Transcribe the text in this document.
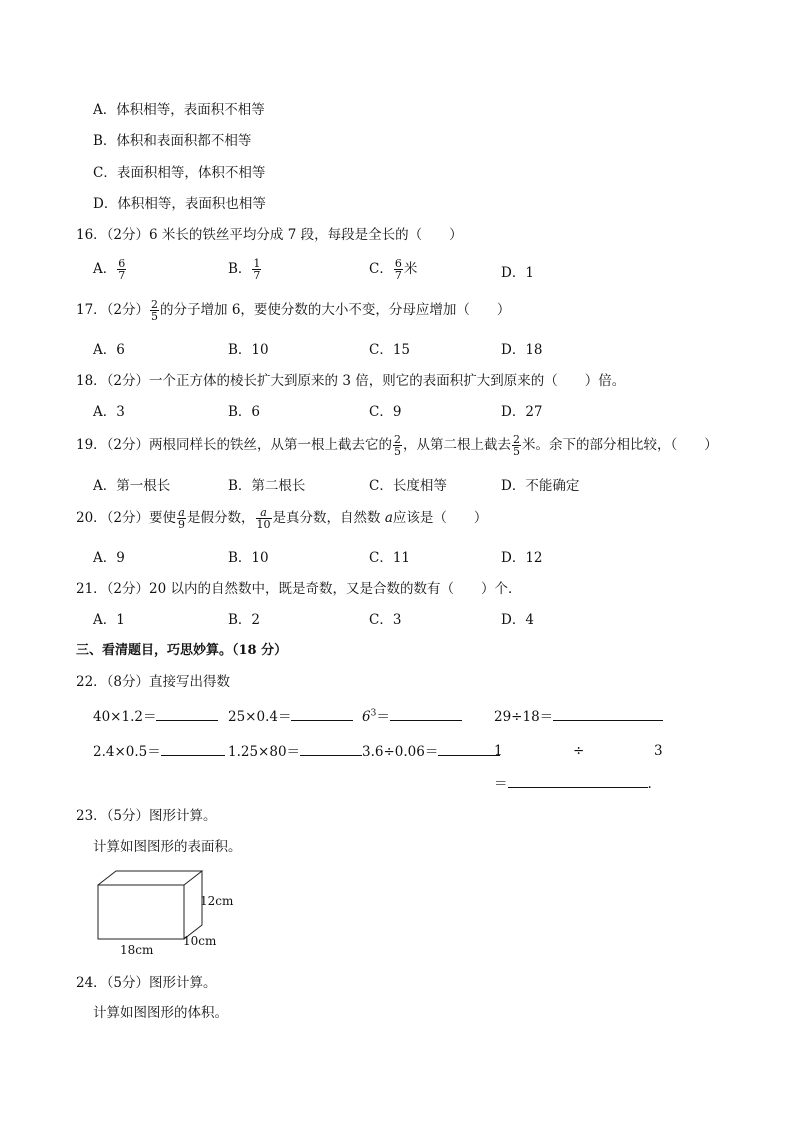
A．体积相等，表面积不相等
B．体积和表面积都不相等
C．表面积相等，体积不相等
D．体积相等，表面积也相等
16．（2分）6 米长的铁丝平均分成 7 段，每段是全长的（　　）
A． $\frac{6}{7}$	B． $\frac{1}{7}$	C． $\frac{6}{7}$ 米	D．1
17．（2分） $\frac{2}{5}$ 的分子增加 6，要使分数的大小不变，分母应增加（　　）
A．6	B．10	C．15	D．18
18．（2分）一个正方体的棱长扩大到原来的 3 倍，则它的表面积扩大到原来的（　　）倍。
A．3	B．6	C．9	D．27
19．（2分）两根同样长的铁丝，从第一根上截去它的 $\frac{2}{5}$ ，从第二根上截去 $\frac{2}{5}$ 米。余下的部分相比较，（　　）
A．第一根长	B．第二根长	C．长度相等	D．不能确定
20．（2分）要使 $\frac{a}{9}$ 是假分数， $\frac{a}{10}$ 是真分数，自然数 a应该是（　　）
A．9	B．10	C．11	D．12
21．（2分）20 以内的自然数中，既是奇数，又是合数的数有（　　）个．
A．1	B．2	C．3	D．4
三、看清题目，巧思妙算。（18 分）
22．（8分）直接写出得数
40×1.2＝	25×0.4＝	$6^3=$	29÷18＝
2.4×0.5＝	1.25×80＝	3.6÷0.06＝	1	÷	3
＝	.
23．（5分）图形计算。
计算如图图形的表面积。
12cm
18cm
10cm
24．（5分）图形计算。
计算如图图形的体积。
